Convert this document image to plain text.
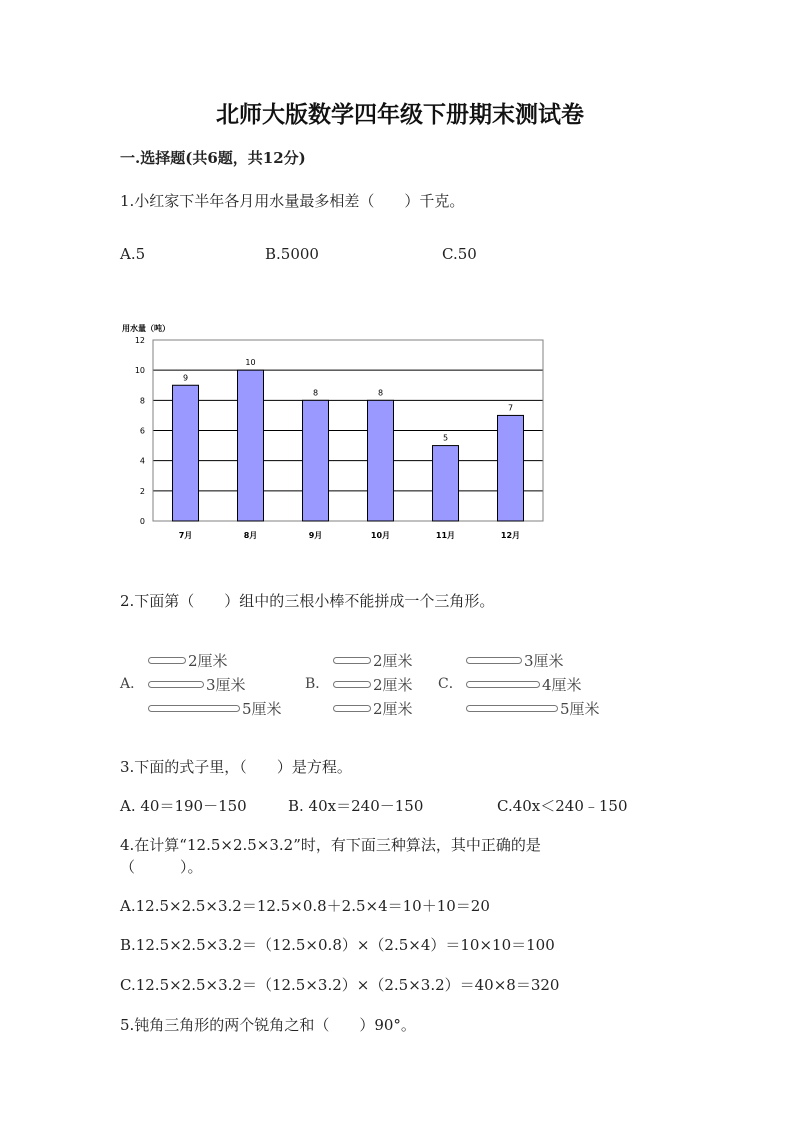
北师大版数学四年级下册期末测试卷
一.选择题(共6题，共12分)
1.小红家下半年各月用水量最多相差（　　）千克。
A.5	B.5000	C.50
用水量（吨）
0
2
4
6
8
10
12
9
7月
10
8月
8
9月
8
10月
5
11月
7
12月
2.下面第（　　）组中的三根小棒不能拼成一个三角形。
A．
2厘米
3厘米
5厘米
B．
2厘米
2厘米
2厘米
C．
3厘米
4厘米
5厘米
3.下面的式子里，（　　）是方程。
A. 40＝190－150	B. 40x＝240－150	C.40x＜240﹣150
4.在计算“12.5×2.5×3.2”时，有下面三种算法，其中正确的是
（　　　）。
A.12.5×2.5×3.2＝12.5×0.8＋2.5×4＝10＋10＝20
B.12.5×2.5×3.2＝（12.5×0.8）×（2.5×4）＝10×10＝100
C.12.5×2.5×3.2＝（12.5×3.2）×（2.5×3.2）＝40×8＝320
5.钝角三角形的两个锐角之和（　　）90°。
